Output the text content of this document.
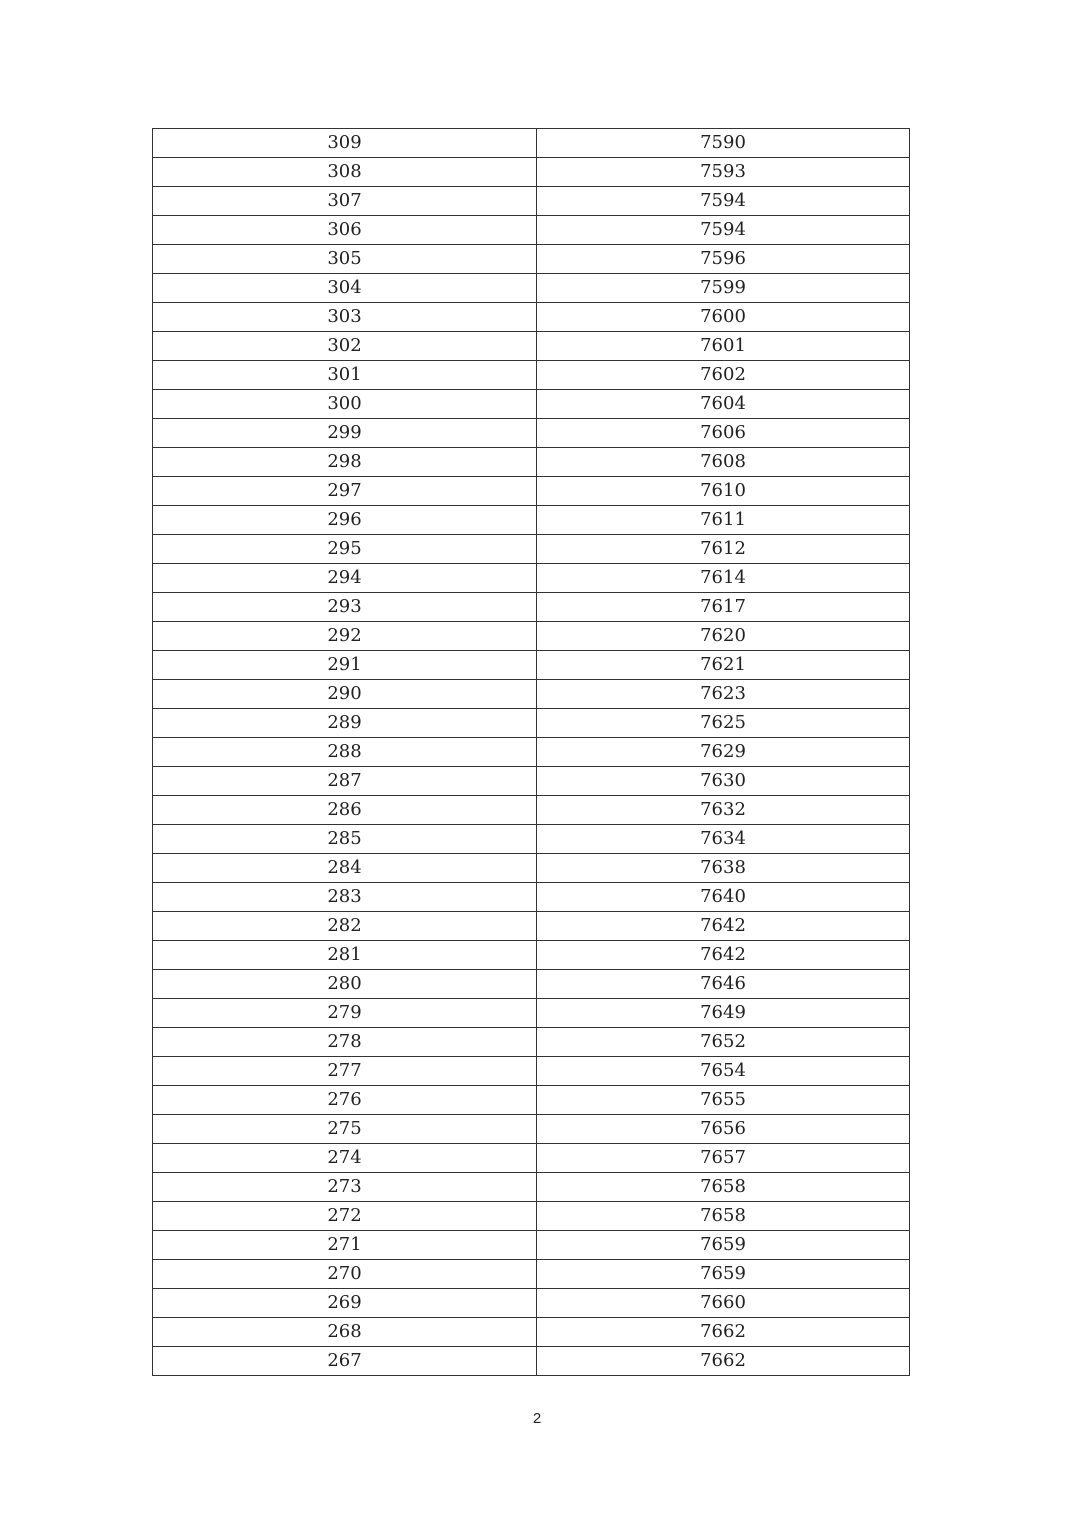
309	7590
308	7593
307	7594
306	7594
305	7596
304	7599
303	7600
302	7601
301	7602
300	7604
299	7606
298	7608
297	7610
296	7611
295	7612
294	7614
293	7617
292	7620
291	7621
290	7623
289	7625
288	7629
287	7630
286	7632
285	7634
284	7638
283	7640
282	7642
281	7642
280	7646
279	7649
278	7652
277	7654
276	7655
275	7656
274	7657
273	7658
272	7658
271	7659
270	7659
269	7660
268	7662
267	7662
2
